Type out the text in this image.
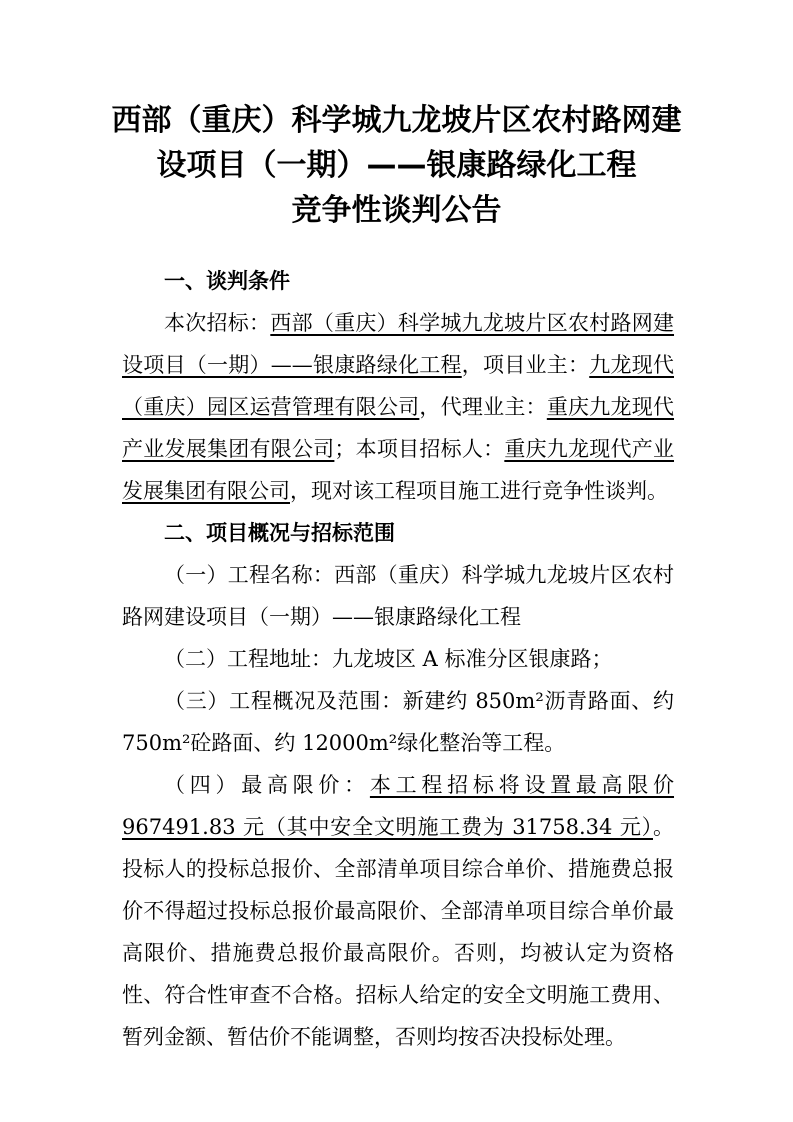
西部（重庆）科学城九龙坡片区农村路网建
设项目（一期）——银康路绿化工程
竞争性谈判公告
一、谈判条件

本次招标：西部（重庆）科学城九龙坡片区农村路网建设项目（一期）——银康路绿化工程，项目业主：九龙现代（重庆）园区运营管理有限公司，代理业主：重庆九龙现代产业发展集团有限公司；本项目招标人：重庆九龙现代产业发展集团有限公司，现对该工程项目施工进行竞争性谈判。

二、项目概况与招标范围

（一）工程名称：西部（重庆）科学城九龙坡片区农村路网建设项目（一期）——银康路绿化工程

（二）工程地址：九龙坡区 A 标准分区银康路；

（三）工程概况及范围：新建约 850m²沥青路面、约 750m²砼路面、约 12000m²绿化整治等工程。

（四）最高限价：本工程招标将设置最高限价 967491.83 元（其中安全文明施工费为 31758.34 元）。投标人的投标总报价、全部清单项目综合单价、措施费总报价不得超过投标总报价最高限价、全部清单项目综合单价最高限价、措施费总报价最高限价。否则，均被认定为资格性、符合性审查不合格。招标人给定的安全文明施工费用、暂列金额、暂估价不能调整，否则均按否决投标处理。
